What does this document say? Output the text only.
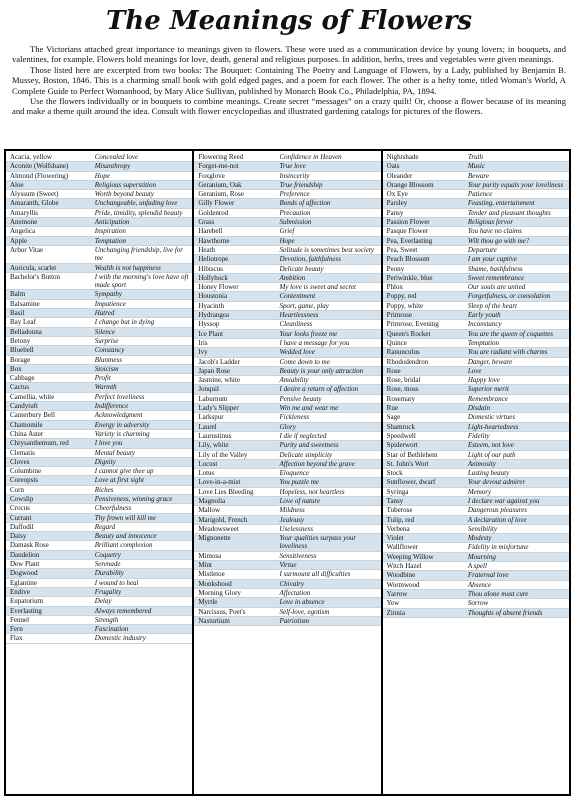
The Meanings of Flowers

The Victorians attached great importance to meanings given to flowers. These were used as a communication device by young lovers; in bouquets, and valentines, for example. Flowers hold meanings for love, death, general and religious purposes. In addition, herbs, trees and vegetables were given meanings.

Those listed here are excerpted from two books: The Bouquet: Containing The Poetry and Language of Flowers, by a Lady, published by Benjamin B. Mussey, Boston, 1846. This is a charming small book with gold edged pages, and a poem for each flower. The other is a hefty tome, titled Woman's World, A Complete Guide to Perfect Womanhood, by Mary Alice Sullivan, published by Monarch Book Co., Philadelphia, PA, 1894.

Use the flowers individually or in bouquets to combine meanings. Create secret “messages” on a crazy quilt! Or, choose a flower because of its meaning and make a theme quilt around the idea. Consult with flower encyclopedias and illustrated gardening catalogs for pictures of the flowers.

Acacia, yellow	Concealed love
Aconite (Wolfsbane)	Misanthropy
Almond (Flowering)	Hope
Aloe	Religious superstition
Alyssum (Sweet)	Worth beyond beauty
Amaranth, Globe	Unchangeable, unfading love
Amaryllis	Pride, timidity, splendid beauty
Anemone	Anticipation
Angelica	Inspiration
Apple	Temptation
Arbor Vitae	Unchanging friendship, live for me
Auricula, scarlet	Wealth is not happiness
Bachelor's Button	I with the morning's love have oft made sport
Balm	Sympathy
Balsamine	Impatience
Basil	Hatred
Bay Leaf	I change but in dying
Belladonna	Silence
Betony	Surprise
Bluebell	Constancy
Borage	Bluntness
Box	Stoicism
Cabbage	Profit
Cactus	Warmth
Camellia, white	Perfect loveliness
Candytuft	Indifference
Canterbury Bell	Acknowledgment
Chamomile	Energy in adversity
China Aster	Variety is charming
Chrysanthemum, red	I love you
Clematis	Mental beauty
Cloves	Dignity
Columbine	I cannot give thee up
Coreopsis	Love at first sight
Corn	Riches
Cowslip	Pensiveness, winning grace
Crocus	Cheerfulness
Currant	Thy frown will kill me
Daffodil	Regard
Daisy	Beauty and innocence
Damask Rose	Brilliant complexion
Dandelion	Coquetry
Dew Plant	Serenade
Dogwood	Durability
Eglantine	I wound to heal
Endive	Frugality
Eupatorium	Delay
Everlasting	Always remembered
Fennel	Strength
Fern	Fascination
Flax	Domestic industry
Flowering Reed	Confidence in Heaven
Forget-me-not	True love
Foxglove	Insincerity
Geranium, Oak	True friendship
Geranium, Rose	Preference
Gilly Flower	Bonds of affection
Goldenrod	Precaution
Grass	Submission
Harebell	Grief
Hawthorne	Hope
Heath	Solitude is sometimes best society
Heliotrope	Devotion, faithfulness
Hibiscus	Delicate beauty
Hollyhock	Ambition
Honey Flower	My love is sweet and secret
Houstonia	Contentment
Hyacinth	Sport, game, play
Hydrangea	Heartlessness
Hyssop	Cleanliness
Ice Plant	Your looks freeze me
Iris	I have a message for you
Ivy	Wedded love
Jacob's Ladder	Come down to me
Japan Rose	Beauty is your only attraction
Jasmine, white	Amiability
Jonquil	I desire a return of affection
Laburnum	Pensive beauty
Lady's Slipper	Win me and wear me
Larkspur	Fickleness
Laurel	Glory
Laurustinus	I die if neglected
Lily, white	Purity and sweetness
Lily of the Valley	Delicate simplicity
Locust	Affection beyond the grave
Lotus	Eloquence
Love-in-a-mist	You puzzle me
Love Lies Bleeding	Hopeless, not heartless
Magnolia	Love of nature
Mallow	Mildness
Marigold, French	Jealousy
Meadowsweet	Uselessness
Mignonette	Your qualities surpass your loveliness
Mimosa	Sensitiveness
Mint	Virtue
Mistletoe	I surmount all difficulties
Monkshood	Chivalry
Morning Glory	Affectation
Myrtle	Love in absence
Narcissus, Poet's	Self-love, egotism
Nasturtium	Patriotism
Nightshade	Truth
Oats	Music
Oleander	Beware
Orange Blossom	Your purity equals your loveliness
Ox Eye	Patience
Parsley	Feasting, entertainment
Pansy	Tender and pleasant thoughts
Passion Flower	Religious fervor
Pasque Flower	You have no claims
Pea, Everlasting	Wilt thou go with me?
Pea, Sweet	Departure
Peach Blossom	I am your captive
Peony	Shame, bashfulness
Periwinkle, blue	Sweet remembrance
Phlox	Our souls are united
Poppy, red	Forgetfulness, or consolation
Poppy, white	Sleep of the heart
Primrose	Early youth
Primrose, Evening	Inconstancy
Queen's Rocket	You are the queen of coquettes
Quince	Temptation
Ranunculus	You are radiant with charms
Rhododendron	Danger, beware
Rose	Love
Rose, bridal	Happy love
Rose, moss	Superior merit
Rosemary	Remembrance
Rue	Disdain
Sage	Domestic virtues
Shamrock	Light-heartedness
Speedwell	Fidelity
Spiderwort	Esteem, not love
Star of Bethlehem	Light of our path
St. John's Wort	Animosity
Stock	Lasting beauty
Sunflower, dwarf	Your devout admirer
Syringa	Memory
Tansy	I declare war against you
Tuberose	Dangerous pleasures
Tulip, red	A declaration of love
Verbena	Sensibility
Violet	Modesty
Wallflower	Fidelity in misfortune
Weeping Willow	Mourning
Witch Hazel	A spell
Woodbine	Fraternal love
Wormwood	Absence
Yarrow	Thou alone must cure
Yew	Sorrow
Zinnia	Thoughts of absent friends
